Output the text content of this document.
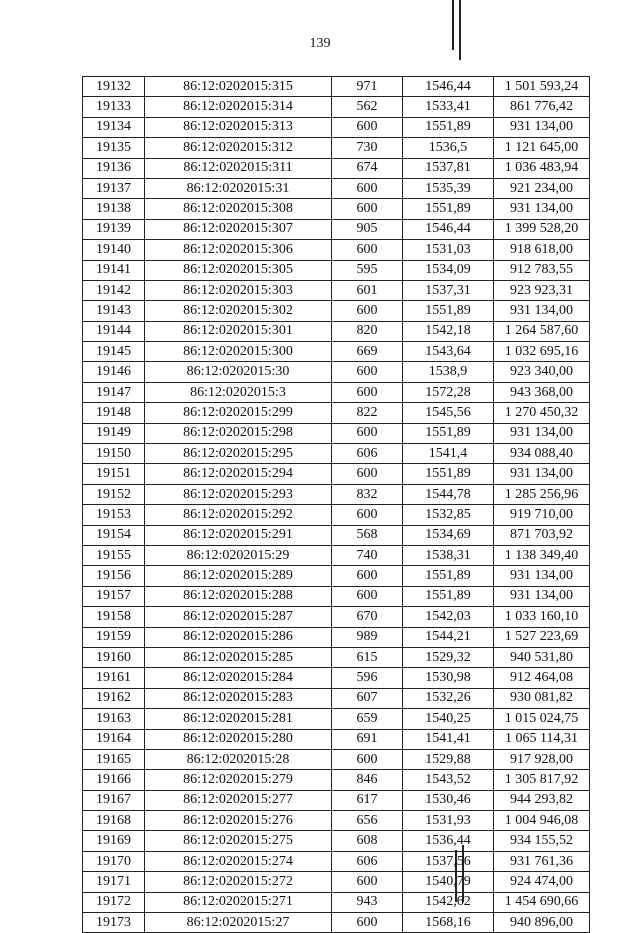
139
19132	86:12:0202015:315	971	1546,44	1 501 593,24
19133	86:12:0202015:314	562	1533,41	861 776,42
19134	86:12:0202015:313	600	1551,89	931 134,00
19135	86:12:0202015:312	730	1536,5	1 121 645,00
19136	86:12:0202015:311	674	1537,81	1 036 483,94
19137	86:12:0202015:31	600	1535,39	921 234,00
19138	86:12:0202015:308	600	1551,89	931 134,00
19139	86:12:0202015:307	905	1546,44	1 399 528,20
19140	86:12:0202015:306	600	1531,03	918 618,00
19141	86:12:0202015:305	595	1534,09	912 783,55
19142	86:12:0202015:303	601	1537,31	923 923,31
19143	86:12:0202015:302	600	1551,89	931 134,00
19144	86:12:0202015:301	820	1542,18	1 264 587,60
19145	86:12:0202015:300	669	1543,64	1 032 695,16
19146	86:12:0202015:30	600	1538,9	923 340,00
19147	86:12:0202015:3	600	1572,28	943 368,00
19148	86:12:0202015:299	822	1545,56	1 270 450,32
19149	86:12:0202015:298	600	1551,89	931 134,00
19150	86:12:0202015:295	606	1541,4	934 088,40
19151	86:12:0202015:294	600	1551,89	931 134,00
19152	86:12:0202015:293	832	1544,78	1 285 256,96
19153	86:12:0202015:292	600	1532,85	919 710,00
19154	86:12:0202015:291	568	1534,69	871 703,92
19155	86:12:0202015:29	740	1538,31	1 138 349,40
19156	86:12:0202015:289	600	1551,89	931 134,00
19157	86:12:0202015:288	600	1551,89	931 134,00
19158	86:12:0202015:287	670	1542,03	1 033 160,10
19159	86:12:0202015:286	989	1544,21	1 527 223,69
19160	86:12:0202015:285	615	1529,32	940 531,80
19161	86:12:0202015:284	596	1530,98	912 464,08
19162	86:12:0202015:283	607	1532,26	930 081,82
19163	86:12:0202015:281	659	1540,25	1 015 024,75
19164	86:12:0202015:280	691	1541,41	1 065 114,31
19165	86:12:0202015:28	600	1529,88	917 928,00
19166	86:12:0202015:279	846	1543,52	1 305 817,92
19167	86:12:0202015:277	617	1530,46	944 293,82
19168	86:12:0202015:276	656	1531,93	1 004 946,08
19169	86:12:0202015:275	608	1536,44	934 155,52
19170	86:12:0202015:274	606	1537,56	931 761,36
19171	86:12:0202015:272	600	1540,79	924 474,00
19172	86:12:0202015:271	943	1542,62	1 454 690,66
19173	86:12:0202015:27	600	1568,16	940 896,00
